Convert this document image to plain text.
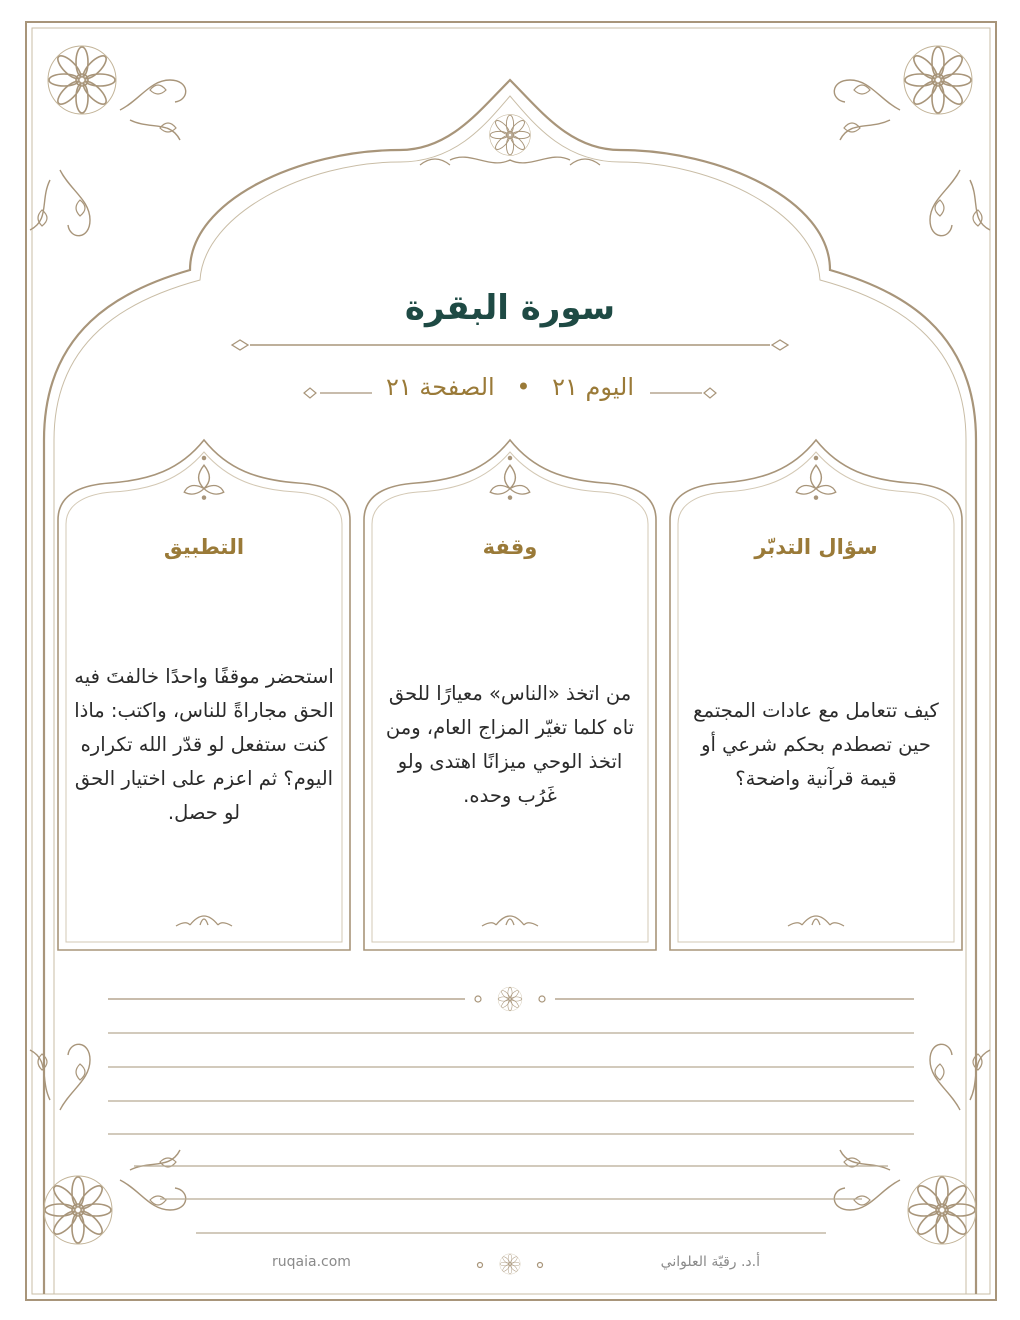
سورة البقرة
اليوم ٢١ • الصفحة ٢١
سؤال التدبّر
كيف تتعامل مع عادات المجتمع حين تصطدم بحكم شرعي أو قيمة قرآنية واضحة؟
وقفة
من اتخذ «الناس» معيارًا للحق تاه كلما تغيّر المزاج العام، ومن اتخذ الوحي ميزانًا اهتدى ولو غَرُب وحده.
التطبيق
استحضر موقفًا واحدًا خالفتَ فيه الحق مجاراةً للناس، واكتب: ماذا كنت ستفعل لو قدّر الله تكراره اليوم؟ ثم اعزم على اختيار الحق لو حصل.
أ.د. رقيّة العلواني
ruqaia.com
